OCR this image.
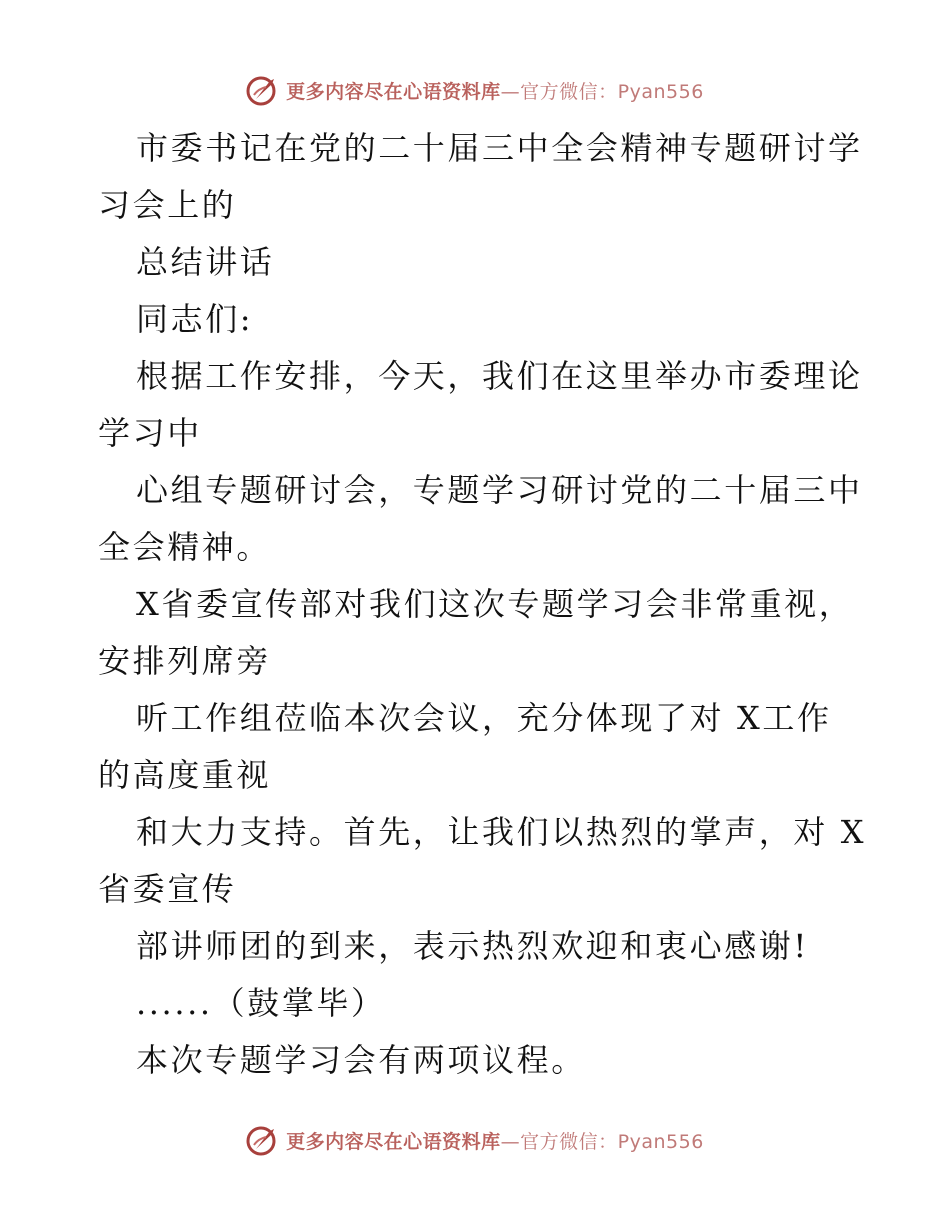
更多内容尽在心语资料库—官方微信：Pyan556
市委书记在党的二十届三中全会精神专题研讨学
习会上的
总结讲话
同志们:
根据工作安排，今天，我们在这里举办市委理论
学习中
心组专题研讨会，专题学习研讨党的二十届三中
全会精神。
X省委宣传部对我们这次专题学习会非常重视，
安排列席旁
听工作组莅临本次会议，充分体现了对 X工作
的高度重视
和大力支持。首先，让我们以热烈的掌声，对 X
省委宣传
部讲师团的到来，表示热烈欢迎和衷心感谢!
......（鼓掌毕）
本次专题学习会有两项议程。
更多内容尽在心语资料库—官方微信：Pyan556
